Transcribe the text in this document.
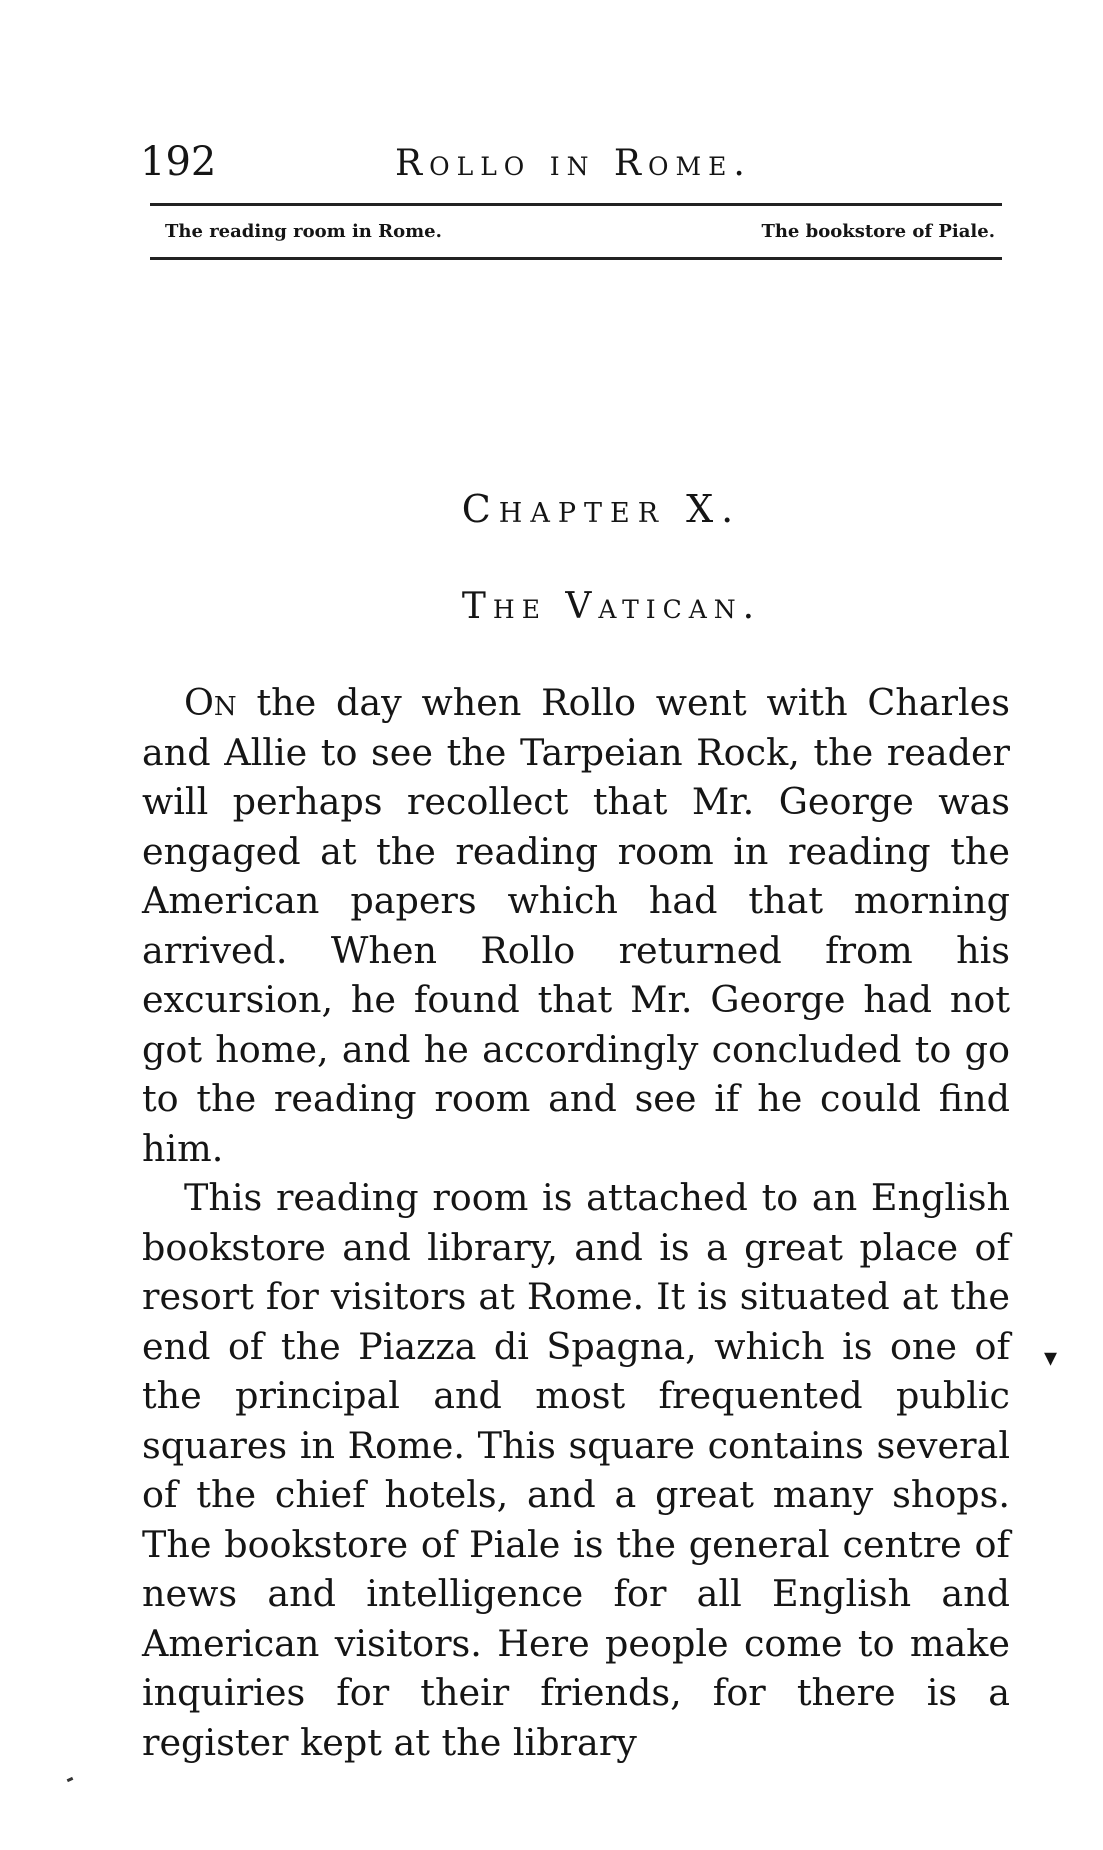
192	Rollo in Rome.
The reading room in Rome.	The bookstore of Piale.
Chapter X.
The Vatican.

On the day when Rollo went with Charles and Allie to see the Tarpeian Rock, the reader will perhaps recollect that Mr. George was engaged at the reading room in reading the American papers which had that morning arrived. When Rollo returned from his excursion, he found that Mr. George had not got home, and he accordingly concluded to go to the reading room and see if he could find him.

This reading room is attached to an English bookstore and library, and is a great place of resort for visitors at Rome. It is situated at the end of the Piazza di Spagna, which is one of the principal and most frequented public squares in Rome. This square contains several of the chief hotels, and a great many shops. The bookstore of Piale is the general centre of news and intelligence for all English and American visitors. Here people come to make inquiries for their friends, for there is a register kept at the library

▾
